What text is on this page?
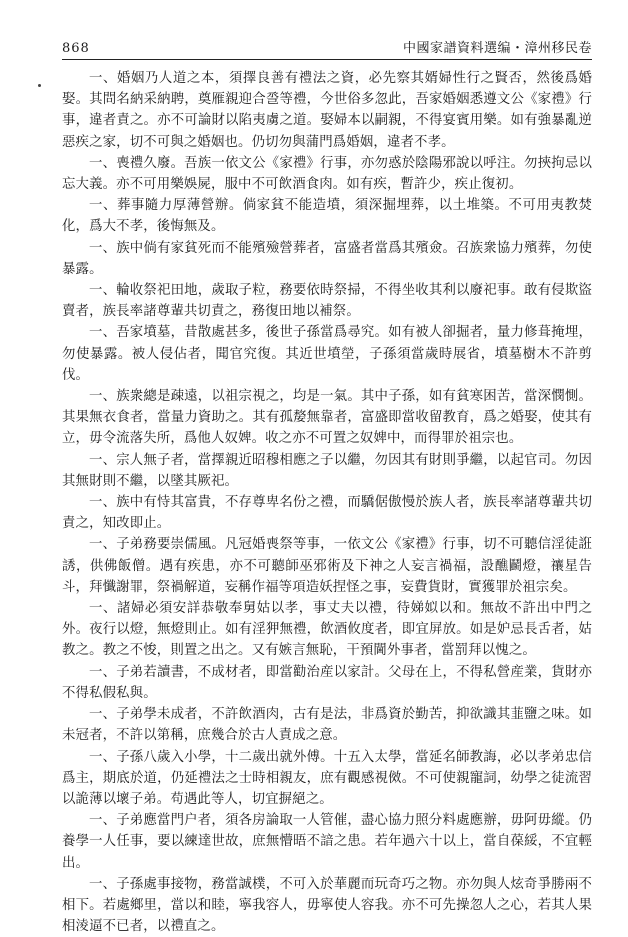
868	中國家譜資料選编・漳州移民卷

一、婚姻乃人道之本，須擇良善有禮法之資，必先察其婿婦性行之賢否，然後爲婚娶。其問名納采納聘，奠雁親迎合巹等禮，今世俗多忽此，吾家婚姻悉遵文公《家禮》行事，違者責之。亦不可論財以陷夷虜之道。娶婦本以嗣親，不得宴賓用樂。如有強暴亂逆惡疾之家，切不可與之婚姻也。仍切勿與蒲門爲婚姻，違者不孝。

一、喪禮久廢。吾族一依文公《家禮》行事，亦勿惑於陰陽邪說以呼注。勿挾拘忌以忘大義。亦不可用樂娛屍，服中不可飲酒食肉。如有疾，暫許少，疾止復初。

一、葬事隨力厚薄營辦。倘家貧不能造墳，須深掘埋葬，以土堆築。不可用夷教焚化，爲大不孝，後悔無及。

一、族中倘有家貧死而不能殯殮營葬者，富盛者當爲其殯僉。召族衆協力殯葬，勿使暴露。

一、輪收祭祀田地，歲取子粒，務要依時祭掃，不得坐收其利以廢祀事。敢有侵欺盜賣者，族長率諸尊輩共切責之，務復田地以補祭。

一、吾家墳墓，昔散處甚多，後世子孫當爲尋究。如有被人卻掘者，量力修葺掩埋，勿使暴露。被人侵佔者，聞官究復。其近世墳塋，子孫須當歲時展省，墳墓樹木不許剪伐。

一、族衆總是疎遠，以祖宗視之，均是一氣。其中子孫，如有貧寒困苦，當深憫惻。其果無衣食者，當量力資助之。其有孤嫠無靠者，富盛即當收留教育，爲之婚娶，使其有立，毋令流落失所，爲他人奴婢。收之亦不可置之奴婢中，而得罪於祖宗也。

一、宗人無子者，當擇親近昭穆相應之子以繼，勿因其有財則爭繼，以起官司。勿因其無財則不繼，以墜其厥祀。

一、族中有恃其富貴，不存尊卑名份之禮，而驕倨傲慢於族人者，族長率諸尊輩共切責之，知改即止。

一、子弟務要崇儒風。凡冠婚喪祭等事，一依文公《家禮》行事，切不可聽信淫徒誑誘，供佛飯僧。遇有疾患，亦不可聽師巫邪術及下神之人妄言禍福，設醮鬬燈，禳星告斗，拜懺謝罪，祭禍解道，妄稱作福等項造妖捏怪之事，妄費貨財，實獲罪於祖宗矣。

一、諸婦必須安詳恭敬奉舅姑以孝，事丈夫以禮，待娣姒以和。無故不許出中門之外。夜行以燈，無燈則止。如有淫狎無禮，飲酒攸度者，即宜屏放。如是妒忌長舌者，姑教之。教之不悛，則置之出之。又有嫉言無恥，干預閫外事者，當罰拜以愧之。

一、子弟若讀書，不成材者，即當勸治産以家計。父母在上，不得私營産業，貨財亦不得私假私與。

一、子弟學未成者，不許飲酒肉，古有是法，非爲資於勤苦，抑欲識其韮鹽之味。如未冠者，不許以第稱，庶幾合於古人責成之意。

一、子孫八歲入小學，十二歲出就外傅。十五入太學，當延名師教誨，必以孝弟忠信爲主，期底於道，仍延禮法之士時相親友，庶有觀感視傚。不可使親寵詞，幼學之徒流習以詭薄以壞子弟。苟遇此等人，切宜摒絕之。

一、子弟應當門户者，須各房論取一人管催，盡心協力照分料處應辦，毋阿毋縱。仍養學一人任事，要以練達世故，庶無懵晤不諳之患。若年過六十以上，當自葆綏，不宜輕出。

一、子孫處事接物，務當誠樸，不可入於華麗而玩奇巧之物。亦勿與人炫奇爭勝兩不相下。若處鄉里，當以和睦，寧我容人，毋寧使人容我。亦不可先操忽人之心，若其人果相淩逼不已者，以禮直之。
